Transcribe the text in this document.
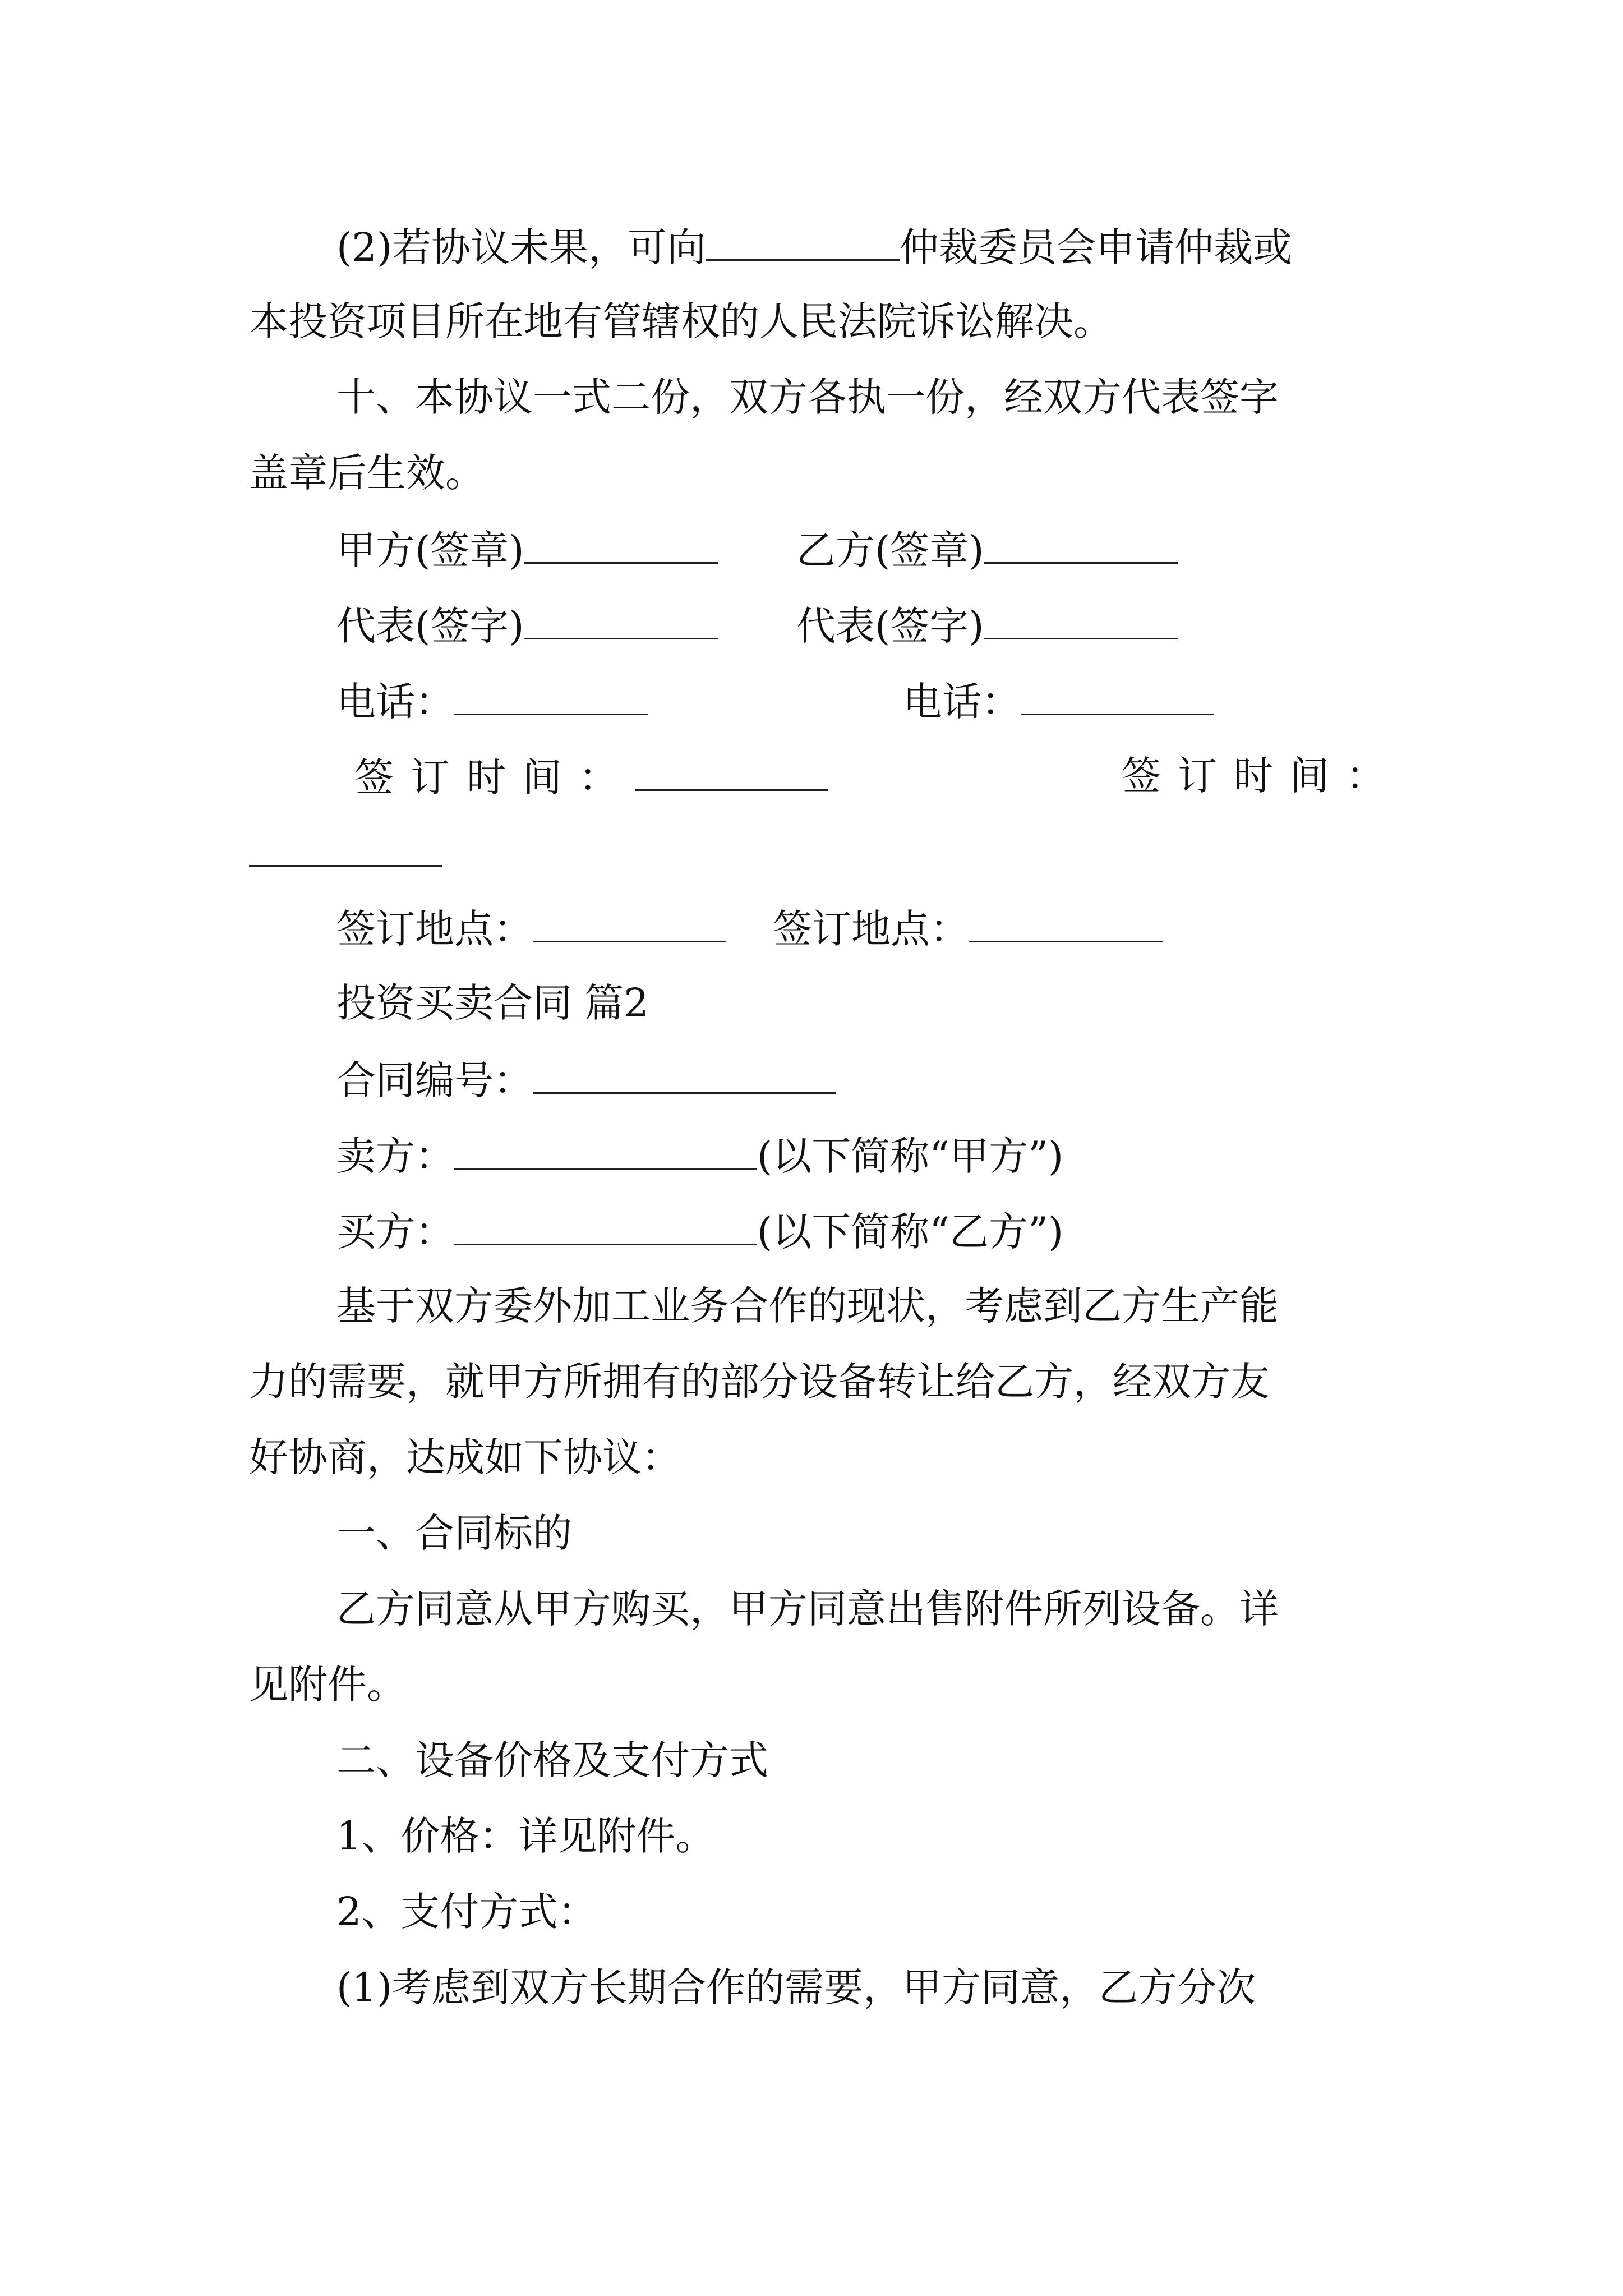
(2)若协议未果，可向	仲裁委员会申请仲裁或
本投资项目所在地有管辖权的人民法院诉讼解决。
十、本协议一式二份，双方各执一份，经双方代表签字
盖章后生效。
甲方(签章)	乙方(签章)
代表(签字)	代表(签字)
电话：	电话：
签订时间：	签订时间：
签订地点：	签订地点：
投资买卖合同 篇2
合同编号：
卖方：	(以下简称“甲方”)
买方：	(以下简称“乙方”)
基于双方委外加工业务合作的现状，考虑到乙方生产能
力的需要，就甲方所拥有的部分设备转让给乙方，经双方友
好协商，达成如下协议：
一、合同标的
乙方同意从甲方购买，甲方同意出售附件所列设备。详
见附件。
二、设备价格及支付方式
1、价格：详见附件。
2、支付方式：
(1)考虑到双方长期合作的需要，甲方同意，乙方分次
